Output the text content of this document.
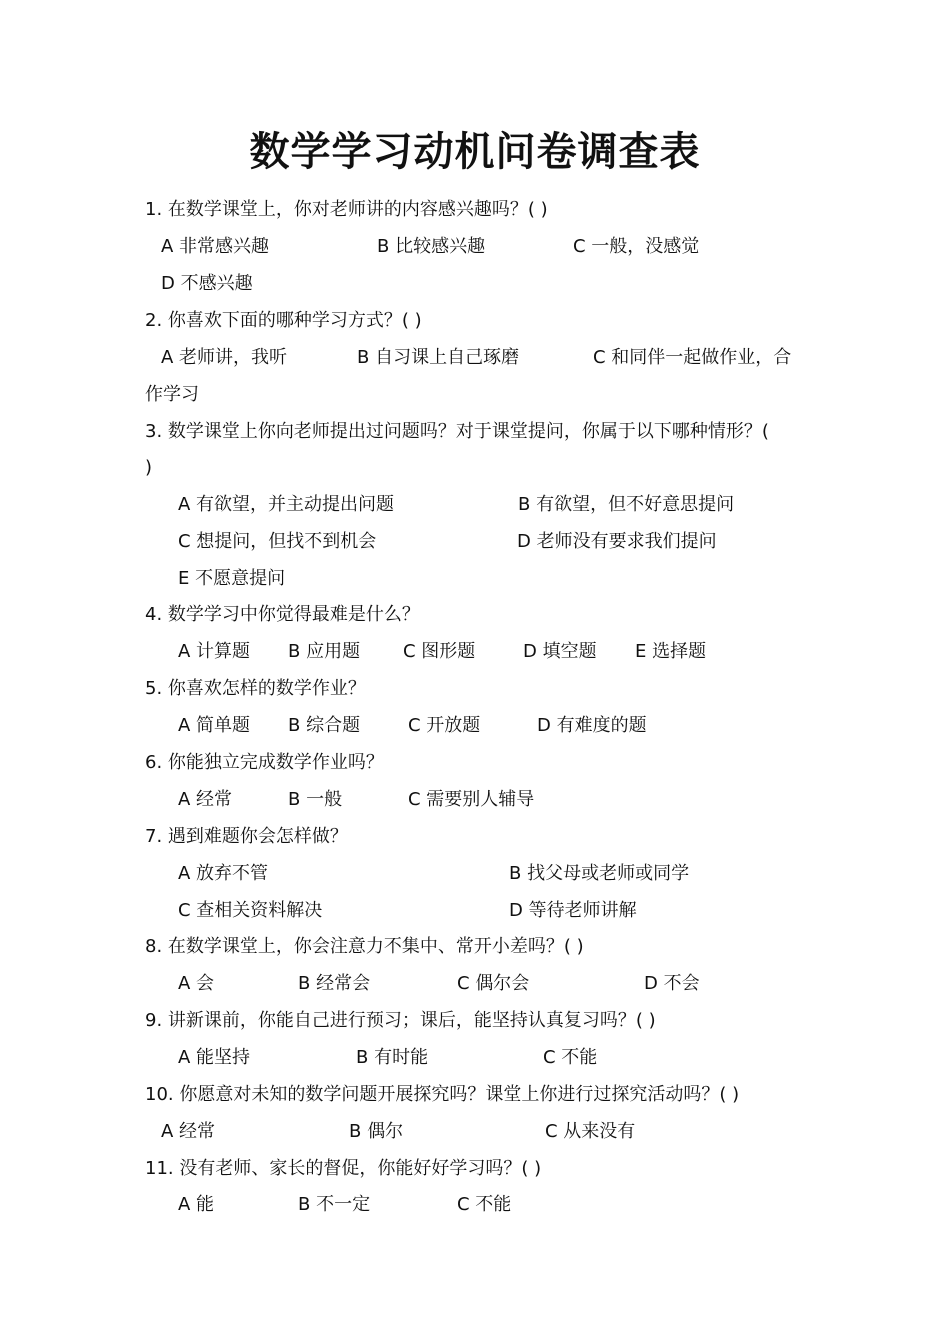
数学学习动机问卷调查表
1. 在数学课堂上，你对老师讲的内容感兴趣吗？( )
A 非常感兴趣	B 比较感兴趣	C 一般，没感觉
D 不感兴趣
2. 你喜欢下面的哪种学习方式？( )
A 老师讲，我听	B 自习课上自己琢磨	C 和同伴一起做作业，合
作学习
3. 数学课堂上你向老师提出过问题吗？对于课堂提问，你属于以下哪种情形？(
)
A 有欲望，并主动提出问题	B 有欲望，但不好意思提问
C 想提问，但找不到机会	D 老师没有要求我们提问
E 不愿意提问
4. 数学学习中你觉得最难是什么？
A 计算题 B 应用题 C 图形题	D 填空题 E 选择题
5. 你喜欢怎样的数学作业？
A 简单题 B 综合题	C 开放题	D 有难度的题
6. 你能独立完成数学作业吗？
A 经常	B 一般	C 需要别人辅导
7. 遇到难题你会怎样做？
A 放弃不管	B 找父母或老师或同学
C 查相关资料解决	D 等待老师讲解
8. 在数学课堂上，你会注意力不集中、常开小差吗？( )
A 会	B 经常会	C 偶尔会	D 不会
9. 讲新课前，你能自己进行预习；课后，能坚持认真复习吗？( )
A 能坚持	B 有时能	C 不能
10. 你愿意对未知的数学问题开展探究吗？课堂上你进行过探究活动吗？( )
A 经常	B 偶尔	C 从来没有
11. 没有老师、家长的督促，你能好好学习吗？( )
A 能	B 不一定	C 不能
